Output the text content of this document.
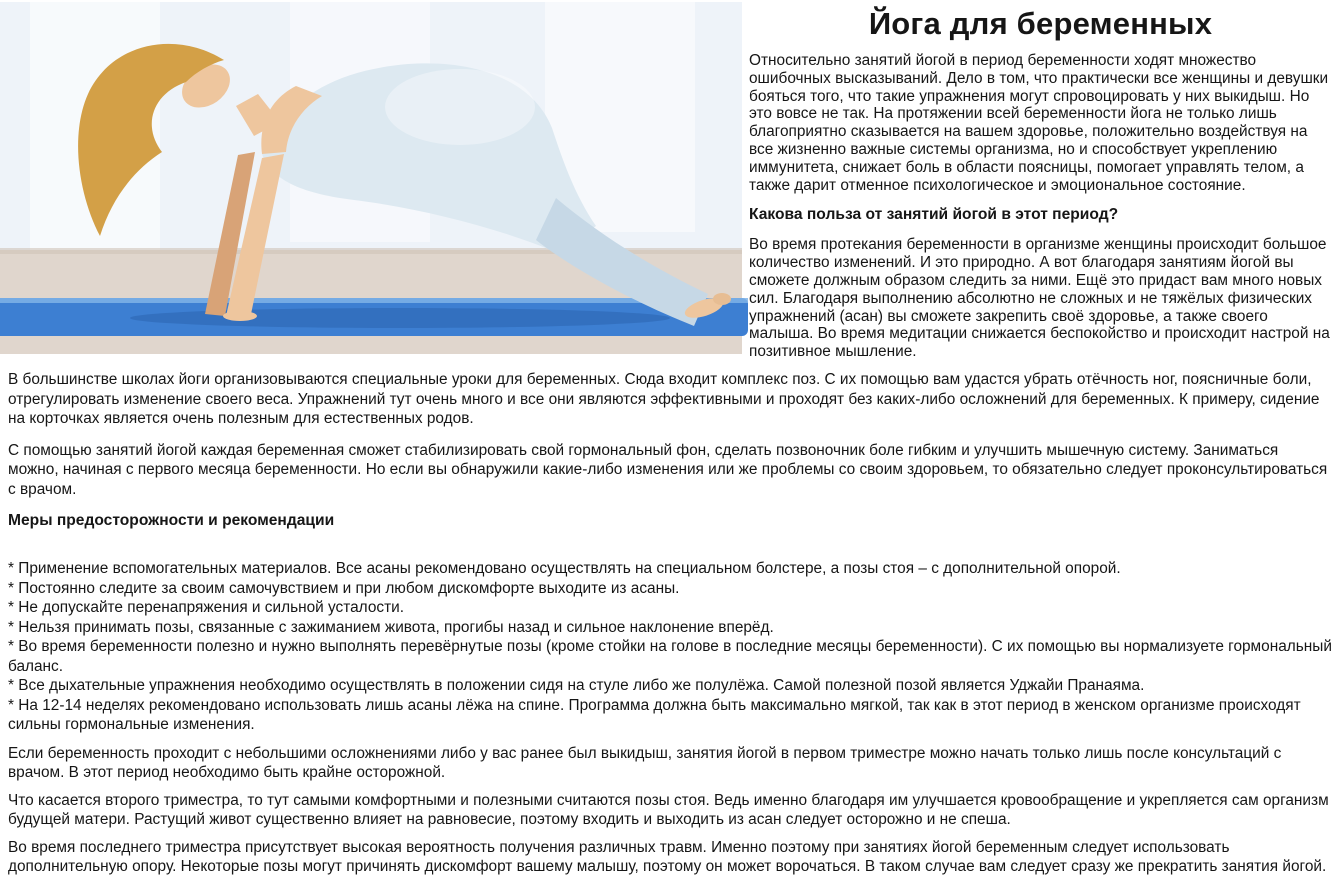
Йога для беременных

Относительно занятий йогой в период беременности ходят множество ошибочных высказываний. Дело в том, что практически все женщины и девушки бояться того, что такие упражнения могут спровоцировать у них выкидыш. Но это вовсе не так. На протяжении всей беременности йога не только лишь благоприятно сказывается на вашем здоровье, положительно воздействуя на все жизненно важные системы организма, но и способствует укреплению иммунитета, снижает боль в области поясницы, помогает управлять телом, а также дарит отменное психологическое и эмоциональное состояние.

Какова польза от занятий йогой в этот период?

Во время протекания беременности в организме женщины происходит большое количество изменений. И это природно. А вот благодаря занятиям йогой вы сможете должным образом следить за ними. Ещё это придаст вам много новых сил. Благодаря выполнению абсолютно не сложных и не тяжёлых физических упражнений (асан) вы сможете закрепить своё здоровье, а также своего малыша. Во время медитации снижается беспокойство и происходит настрой на позитивное мышление.

В большинстве школах йоги организовываются специальные уроки для беременных. Сюда входит комплекс поз. С их помощью вам удастся убрать отёчность ног, поясничные боли, отрегулировать изменение своего веса. Упражнений тут очень много и все они являются эффективными и проходят без каких-либо осложнений для беременных. К примеру, сидение на корточках является очень полезным для естественных родов.

С помощью занятий йогой каждая беременная сможет стабилизировать свой гормональный фон, сделать позвоночник боле гибким и улучшить мышечную систему. Заниматься можно, начиная с первого месяца беременности. Но если вы обнаружили какие-либо изменения или же проблемы со своим здоровьем, то обязательно следует проконсультироваться с врачом.

Меры предосторожности и рекомендации
* Применение вспомогательных материалов. Все асаны рекомендовано осуществлять на специальном болстере, а позы стоя – с дополнительной опорой.
* Постоянно следите за своим самочувствием и при любом дискомфорте выходите из асаны.
* Не допускайте перенапряжения и сильной усталости.
* Нельзя принимать позы, связанные с зажиманием живота, прогибы назад и сильное наклонение вперёд.
* Во время беременности полезно и нужно выполнять перевёрнутые позы (кроме стойки на голове в последние месяцы беременности). С их помощью вы нормализуете гормональный баланс.
* Все дыхательные упражнения необходимо осуществлять в положении сидя на стуле либо же полулёжа. Самой полезной позой является Уджайи Пранаяма.
* На 12-14 неделях рекомендовано использовать лишь асаны лёжа на спине. Программа должна быть максимально мягкой, так как в этот период в женском организме происходят сильны гормональные изменения.

Если беременность проходит с небольшими осложнениями либо у вас ранее был выкидыш, занятия йогой в первом триместре можно начать только лишь после консультаций с врачом. В этот период необходимо быть крайне осторожной.

Что касается второго триместра, то тут самыми комфортными и полезными считаются позы стоя. Ведь именно благодаря им улучшается кровообращение и укрепляется сам организм будущей матери. Растущий живот существенно влияет на равновесие, поэтому входить и выходить из асан следует осторожно и не спеша.

Во время последнего триместра присутствует высокая вероятность получения различных травм. Именно поэтому при занятиях йогой беременным следует использовать дополнительную опору. Некоторые позы могут причинять дискомфорт вашему малышу, поэтому он может ворочаться. В таком случае вам следует сразу же прекратить занятия йогой.
